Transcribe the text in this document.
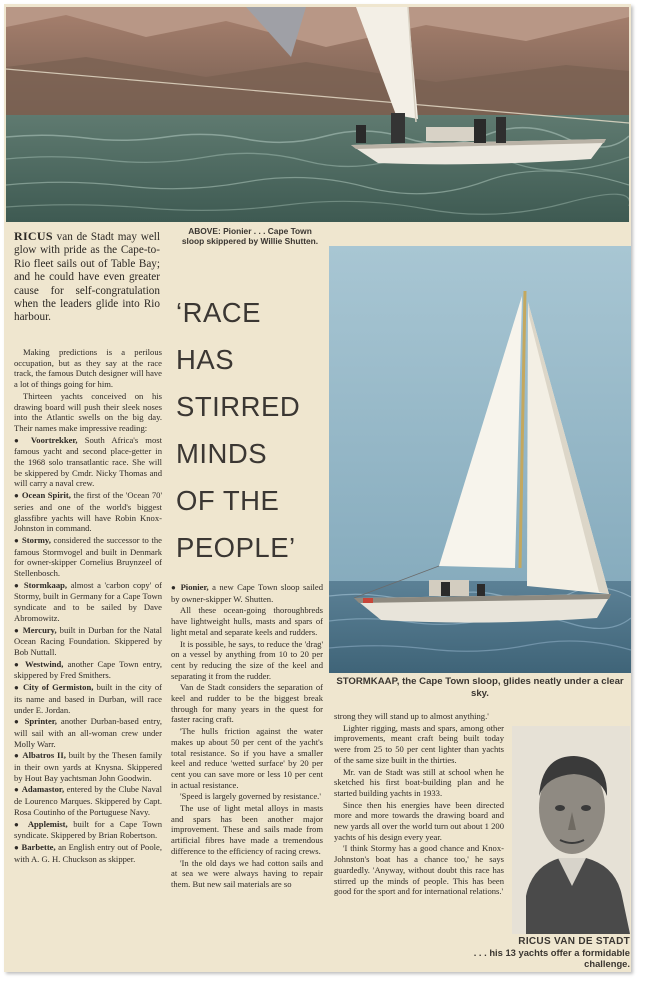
ABOVE: Pionier . . . Cape Town sloop skippered by Willie Shutten.
RICUS van de Stadt may well glow with pride as the Cape-to-Rio fleet sails out of Table Bay; and he could have even greater cause for self-congratulation when the leaders glide into Rio harbour.	‘RACE
HAS
STIRRED
MINDS
OF THE
PEOPLE’

Making predictions is a perilous occupation, but as they say at the race track, the famous Dutch designer will have a lot of things going for him.

Thirteen yachts conceived on his drawing board will push their sleek noses into the Atlantic swells on the big day. Their names make impressive reading:

● Voortrekker, South Africa's most famous yacht and second place-getter in the 1968 solo transatlantic race. She will be skippered by Cmdr. Nicky Thomas and will carry a naval crew.

● Ocean Spirit, the first of the 'Ocean 70' series and one of the world's biggest glassfibre yachts will have Robin Knox-Johnston in command.

● Stormy, considered the successor to the famous Stormvogel and built in Denmark for owner-skipper Cornelius Bruynzeel of Stellenbosch.

● Stormkaap, almost a 'carbon copy' of Stormy, built in Germany for a Cape Town syndicate and to be sailed by Dave Abromowitz.

● Mercury, built in Durban for the Natal Ocean Racing Foundation. Skippered by Bob Nuttall.

● Westwind, another Cape Town entry, skippered by Fred Smithers.

● City of Germiston, built in the city of its name and based in Durban, will race under E. Jordan.

● Sprinter, another Durban-based entry, will sail with an all-woman crew under Molly Warr.

● Albatros II, built by the Thesen family in their own yards at Knysna. Skippered by Hout Bay yachtsman John Goodwin.

● Adamastor, entered by the Clube Naval de Lourenco Marques. Skippered by Capt. Rosa Coutinho of the Portuguese Navy.

● Applemist, built for a Cape Town syndicate. Skippered by Brian Robertson.

● Barbette, an English entry out of Poole, with A. G. H. Chuckson as skipper.

● Pionier, a new Cape Town sloop sailed by owner-skipper W. Shutten.

All these ocean-going thoroughbreds have lightweight hulls, masts and spars of light metal and separate keels and rudders.

It is possible, he says, to reduce the 'drag' on a vessel by anything from 10 to 20 per cent by reducing the size of the keel and separating it from the rudder.

Van de Stadt considers the separation of keel and rudder to be the biggest break through for many years in the quest for faster racing craft.

'The hulls friction against the water makes up about 50 per cent of the yacht's total resistance. So if you have a smaller keel and reduce 'wetted surface' by 20 per cent you can save more or less 10 per cent in actual resistance.

'Speed is largely governed by resistance.'

The use of light metal alloys in masts and spars has been another major improvement. These and sails made from artificial fibres have made a tremendous difference to the efficiency of racing crews.

'In the old days we had cotton sails and at sea we were always having to repair them. But new sail materials are so

STORMKAAP, the Cape Town sloop, glides neatly under a clear sky.

strong they will stand up to almost anything.'

Lighter rigging, masts and spars, among other improvements, meant craft being built today were from 25 to 50 per cent lighter than yachts of the same size built in the thirties.

Mr. van de Stadt was still at school when he sketched his first boat-building plan and he started building yachts in 1933.

Since then his energies have been directed more and more towards the drawing board and new yards all over the world turn out about 1 200 yachts of his design every year.

'I think Stormy has a good chance and Knox-Johnston's boat has a chance too,' he says guardedly. 'Anyway, without doubt this race has stirred up the minds of people. This has been good for the sport and for international relations.'

RICUS VAN DE STADT
. . . his 13 yachts offer a formidable challenge.
